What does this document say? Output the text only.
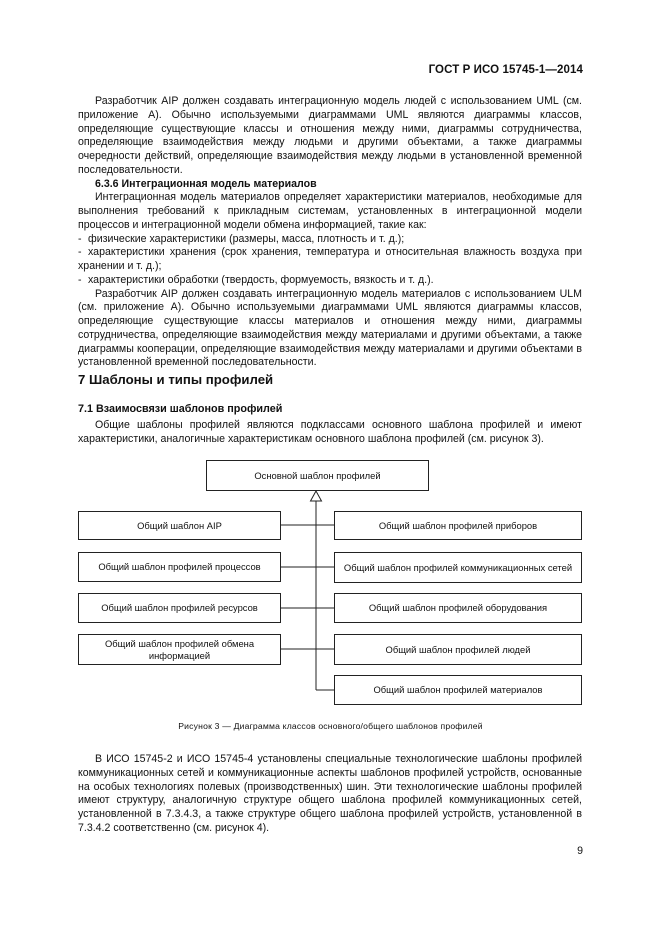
ГОСТ Р ИСО 15745-1—2014

Разработчик AIP должен создавать интеграционную модель людей с использованием UML (см. приложение А). Обычно используемыми диаграммами UML являются диаграммы классов, определяющие существующие классы и отношения между ними, диаграммы сотрудничества, определяющие взаимодействия между людьми и другими объектами, а также диаграммы очередности действий, определяющие взаимодействия между людьми в установленной временной последовательности.

6.3.6 Интеграционная модель материалов

Интеграционная модель материалов определяет характеристики материалов, необходимые для выполнения требований к прикладным системам, установленных в интеграционной модели процессов и интеграционной модели обмена информацией, такие как:

- физические характеристики (размеры, масса, плотность и т. д.);

- характеристики хранения (срок хранения, температура и относительная влажность воздуха при хранении и т. д.);

- характеристики обработки (твердость, формуемость, вязкость и т. д.).

Разработчик AIP должен создавать интеграционную модель материалов с использованием ULM (см. приложение А). Обычно используемыми диаграммами UML являются диаграммы классов, определяющие существующие классы материалов и отношения между ними, диаграммы сотрудничества, определяющие взаимодействия между материалами и другими объектами, а также диаграммы кооперации, определяющие взаимодействия между материалами и другими объектами в установленной временной последовательности.

7 Шаблоны и типы профилей
7.1 Взаимосвязи шаблонов профилей

Общие шаблоны профилей являются подклассами основного шаблона профилей и имеют характеристики, аналогичные характеристикам основного шаблона профилей (см. рисунок 3).

Основной шаблон профилей
Общий шаблон AIP
Общий шаблон профилей процессов
Общий шаблон профилей ресурсов
Общий шаблон профилей обмена информацией
Общий шаблон профилей приборов
Общий шаблон профилей коммуникационных сетей
Общий шаблон профилей оборудования
Общий шаблон профилей людей
Общий шаблон профилей материалов
Рисунок 3 — Диаграмма классов основного/общего шаблонов профилей

В ИСО 15745-2 и ИСО 15745-4 установлены специальные технологические шаблоны профилей коммуникационных сетей и коммуникационные аспекты шаблонов профилей устройств, основанные на особых технологиях полевых (производственных) шин. Эти технологические шаблоны профилей имеют структуру, аналогичную структуре общего шаблона профилей коммуникационных сетей, установленной в 7.3.4.3, а также структуре общего шаблона профилей устройств, установленной в 7.3.4.2 соответственно (см. рисунок 4).

9
